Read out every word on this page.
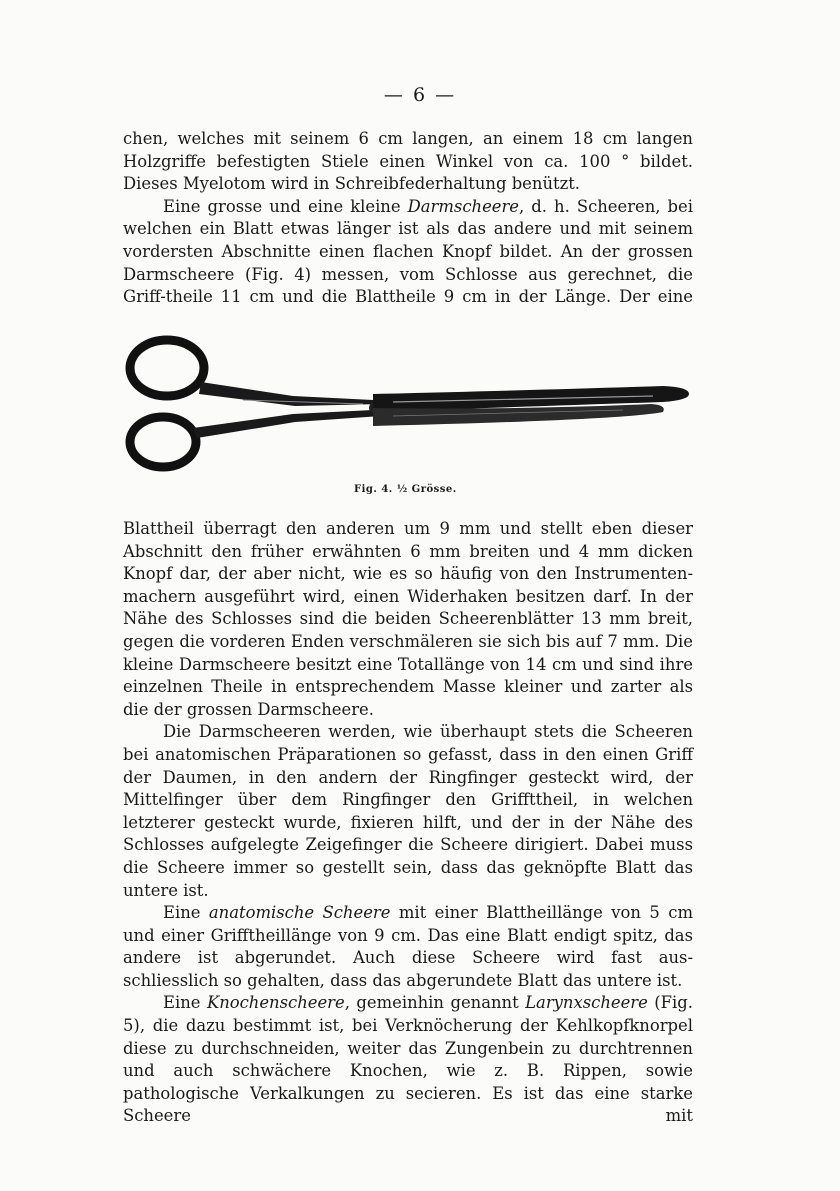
— 6 —

chen, welches mit seinem 6 cm langen, an einem 18 cm langen Holzgriffe befestigten Stiele einen Winkel von ca. 100 ° bildet. Dieses Myelotom wird in Schreibfederhaltung benützt.

Eine grosse und eine kleine Darmscheere, d. h. Scheeren, bei welchen ein Blatt etwas länger ist als das andere und mit seinem vordersten Abschnitte einen flachen Knopf bildet. An der grossen Darmscheere (Fig. 4) messen, vom Schlosse aus gerechnet, die Griff-theile 11 cm und die Blattheile 9 cm in der Länge. Der eine

Fig. 4. ½ Grösse.

Blattheil überragt den anderen um 9 mm und stellt eben dieser Abschnitt den früher erwähnten 6 mm breiten und 4 mm dicken Knopf dar, der aber nicht, wie es so häufig von den Instrumenten-machern ausgeführt wird, einen Widerhaken besitzen darf. In der Nähe des Schlosses sind die beiden Scheerenblätter 13 mm breit, gegen die vorderen Enden verschmäleren sie sich bis auf 7 mm. Die kleine Darmscheere besitzt eine Totallänge von 14 cm und sind ihre einzelnen Theile in entsprechendem Masse kleiner und zarter als die der grossen Darmscheere.

Die Darmscheeren werden, wie überhaupt stets die Scheeren bei anatomischen Präparationen so gefasst, dass in den einen Griff der Daumen, in den andern der Ringfinger gesteckt wird, der Mittelfinger über dem Ringfinger den Griffttheil, in welchen letzterer gesteckt wurde, fixieren hilft, und der in der Nähe des Schlosses aufgelegte Zeigefinger die Scheere dirigiert. Dabei muss die Scheere immer so gestellt sein, dass das geknöpfte Blatt das untere ist.

Eine anatomische Scheere mit einer Blattheillänge von 5 cm und einer Grifftheillänge von 9 cm. Das eine Blatt endigt spitz, das andere ist abgerundet. Auch diese Scheere wird fast aus-schliesslich so gehalten, dass das abgerundete Blatt das untere ist.

Eine Knochenscheere, gemeinhin genannt Larynxscheere (Fig. 5), die dazu bestimmt ist, bei Verknöcherung der Kehlkopfknorpel diese zu durchschneiden, weiter das Zungenbein zu durchtrennen und auch schwächere Knochen, wie z. B. Rippen, sowie pathologische Verkalkungen zu secieren. Es ist das eine starke Scheere mit
